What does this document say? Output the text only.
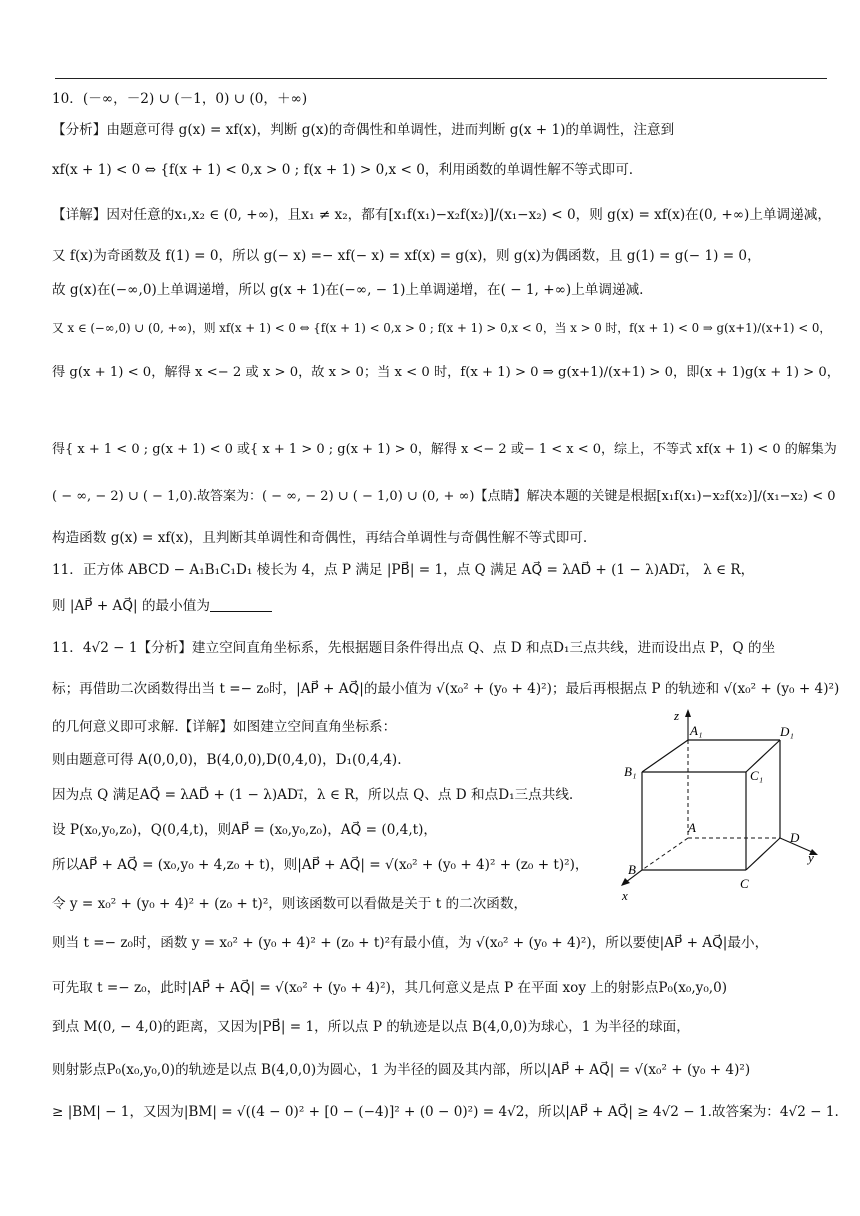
10．(－∞，－2) ∪ (－1，0) ∪ (0，＋∞)
【分析】由题意可得 g(x) = xf(x)，判断 g(x)的奇偶性和单调性，进而判断 g(x + 1)的单调性，注意到
xf(x + 1) < 0 ⇔ {f(x + 1) < 0,x > 0 ; f(x + 1) > 0,x < 0，利用函数的单调性解不等式即可.
【详解】因对任意的x₁,x₂ ∈ (0, +∞)，且x₁ ≠ x₂，都有[x₁f(x₁)−x₂f(x₂)]/(x₁−x₂) < 0，则 g(x) = xf(x)在(0, +∞)上单调递减，
又 f(x)为奇函数及 f(1) = 0，所以 g(− x) =− xf(− x) = xf(x) = g(x)，则 g(x)为偶函数，且 g(1) = g(− 1) = 0，
故 g(x)在(−∞,0)上单调递增，所以 g(x + 1)在(−∞, − 1)上单调递增，在( − 1, +∞)上单调递减.
又 x ∈ (−∞,0) ∪ (0, +∞)，则 xf(x + 1) < 0 ⇔ {f(x + 1) < 0,x > 0 ; f(x + 1) > 0,x < 0，当 x > 0 时，f(x + 1) < 0 ⇒ g(x+1)/(x+1) < 0，
得 g(x + 1) < 0，解得 x <− 2 或 x > 0，故 x > 0；当 x < 0 时，f(x + 1) > 0 ⇒ g(x+1)/(x+1) > 0，即(x + 1)g(x + 1) > 0，
得{ x + 1 < 0 ; g(x + 1) < 0 或{ x + 1 > 0 ; g(x + 1) > 0，解得 x <− 2 或− 1 < x < 0，综上，不等式 xf(x + 1) < 0 的解集为
( − ∞, − 2) ∪ ( − 1,0).故答案为：( − ∞, − 2) ∪ ( − 1,0) ∪ (0, + ∞)【点睛】解决本题的关键是根据[x₁f(x₁)−x₂f(x₂)]/(x₁−x₂) < 0
构造函数 g(x) = xf(x)，且判断其单调性和奇偶性，再结合单调性与奇偶性解不等式即可.
11．正方体 ABCD − A₁B₁C₁D₁ 棱长为 4，点 P 满足 |PB⃗| = 1，点 Q 满足 AQ⃗ = λAD⃗ + (1 − λ)AD₁⃗， λ ∈ R，
则 |AP⃗ + AQ⃗| 的最小值为
11．4√2 − 1【分析】建立空间直角坐标系，先根据题目条件得出点 Q、点 D 和点D₁三点共线，进而设出点 P，Q 的坐
标；再借助二次函数得出当 t =− z₀时，|AP⃗ + AQ⃗|的最小值为 √(x₀² + (y₀ + 4)²)；最后再根据点 P 的轨迹和 √(x₀² + (y₀ + 4)²)
的几何意义即可求解.【详解】如图建立空间直角坐标系：
则由题意可得 A(0,0,0)，B(4,0,0),D(0,4,0)，D₁(0,4,4).
因为点 Q 满足AQ⃗ = λAD⃗ + (1 − λ)AD₁⃗，λ ∈ R，所以点 Q、点 D 和点D₁三点共线.
设 P(x₀,y₀,z₀)，Q(0,4,t)，则AP⃗ = (x₀,y₀,z₀)，AQ⃗ = (0,4,t)，
所以AP⃗ + AQ⃗ = (x₀,y₀ + 4,z₀ + t)，则|AP⃗ + AQ⃗| = √(x₀² + (y₀ + 4)² + (z₀ + t)²)，
令 y = x₀² + (y₀ + 4)² + (z₀ + t)²，则该函数可以看做是关于 t 的二次函数，
则当 t =− z₀时，函数 y = x₀² + (y₀ + 4)² + (z₀ + t)²有最小值，为 √(x₀² + (y₀ + 4)²)，所以要使|AP⃗ + AQ⃗|最小，
可先取 t =− z₀，此时|AP⃗ + AQ⃗| = √(x₀² + (y₀ + 4)²)，其几何意义是点 P 在平面 xoy 上的射影点P₀(x₀,y₀,0)
到点 M(0, − 4,0)的距离，又因为|PB⃗| = 1，所以点 P 的轨迹是以点 B(4,0,0)为球心，1 为半径的球面，
则射影点P₀(x₀,y₀,0)的轨迹是以点 B(4,0,0)为圆心，1 为半径的圆及其内部，所以|AP⃗ + AQ⃗| = √(x₀² + (y₀ + 4)²)
≥ |BM| − 1，又因为|BM| = √((4 − 0)² + [0 − (−4)]² + (0 − 0)²) = 4√2，所以|AP⃗ + AQ⃗| ≥ 4√2 − 1.故答案为：4√2 − 1.
z
A₁	D₁
B₁	C₁
A
D
y
B
C
x
